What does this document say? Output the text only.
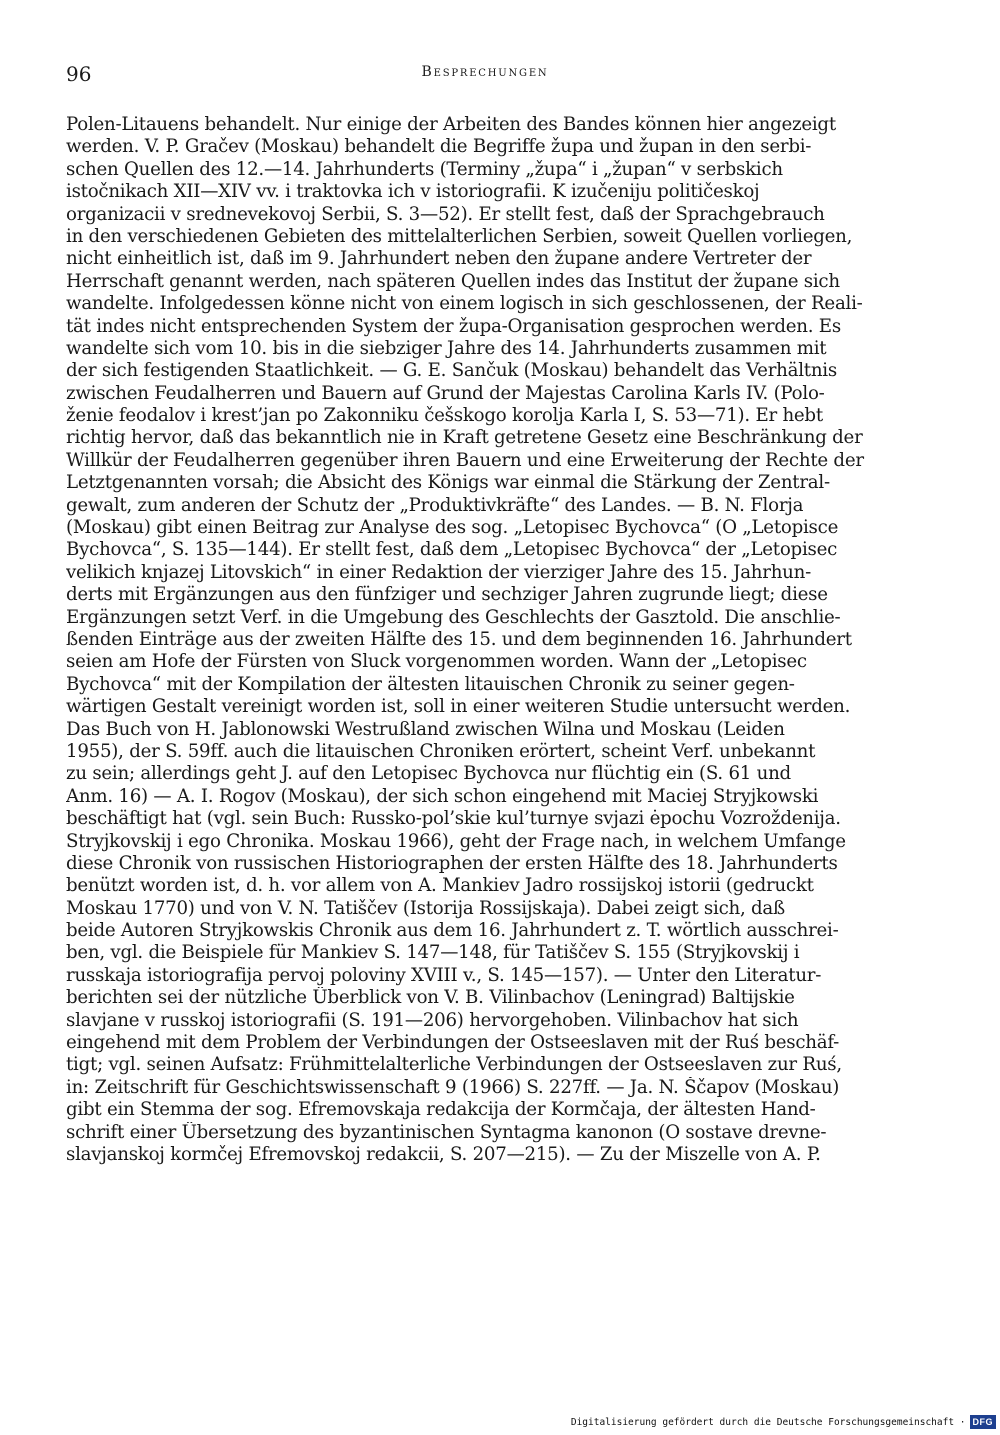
96	Besprechungen
Polen-Litauens behandelt. Nur einige der Arbeiten des Bandes können hier angezeigt
werden. V. P. Gračev (Moskau) behandelt die Begriffe župa und župan in den serbi-
schen Quellen des 12.—14. Jahrhunderts (Terminy „župa“ i „župan“ v serbskich
istočnikach XII—XIV vv. i traktovka ich v istoriografii. K izučeniju političeskoj
organizacii v srednevekovoj Serbii, S. 3—52). Er stellt fest, daß der Sprachgebrauch
in den verschiedenen Gebieten des mittelalterlichen Serbien, soweit Quellen vorliegen,
nicht einheitlich ist, daß im 9. Jahrhundert neben den župane andere Vertreter der
Herrschaft genannt werden, nach späteren Quellen indes das Institut der župane sich
wandelte. Infolgedessen könne nicht von einem logisch in sich geschlossenen, der Reali-
tät indes nicht entsprechenden System der župa-Organisation gesprochen werden. Es
wandelte sich vom 10. bis in die siebziger Jahre des 14. Jahrhunderts zusammen mit
der sich festigenden Staatlichkeit. — G. E. Sančuk (Moskau) behandelt das Verhältnis
zwischen Feudalherren und Bauern auf Grund der Majestas Carolina Karls IV. (Polo-
ženie feodalov i krest’jan po Zakonniku češskogo korolja Karla I, S. 53—71). Er hebt
richtig hervor, daß das bekanntlich nie in Kraft getretene Gesetz eine Beschränkung der
Willkür der Feudalherren gegenüber ihren Bauern und eine Erweiterung der Rechte der
Letztgenannten vorsah; die Absicht des Königs war einmal die Stärkung der Zentral-
gewalt, zum anderen der Schutz der „Produktivkräfte“ des Landes. — B. N. Florja
(Moskau) gibt einen Beitrag zur Analyse des sog. „Letopisec Bychovca“ (O „Letopisce
Bychovca“, S. 135—144). Er stellt fest, daß dem „Letopisec Bychovca“ der „Letopisec
velikich knjazej Litovskich“ in einer Redaktion der vierziger Jahre des 15. Jahrhun-
derts mit Ergänzungen aus den fünfziger und sechziger Jahren zugrunde liegt; diese
Ergänzungen setzt Verf. in die Umgebung des Geschlechts der Gasztold. Die anschlie-
ßenden Einträge aus der zweiten Hälfte des 15. und dem beginnenden 16. Jahrhundert
seien am Hofe der Fürsten von Sluck vorgenommen worden. Wann der „Letopisec
Bychovca“ mit der Kompilation der ältesten litauischen Chronik zu seiner gegen-
wärtigen Gestalt vereinigt worden ist, soll in einer weiteren Studie untersucht werden.
Das Buch von H. Jablonowski Westrußland zwischen Wilna und Moskau (Leiden
1955), der S. 59ff. auch die litauischen Chroniken erörtert, scheint Verf. unbekannt
zu sein; allerdings geht J. auf den Letopisec Bychovca nur flüchtig ein (S. 61 und
Anm. 16) — A. I. Rogov (Moskau), der sich schon eingehend mit Maciej Stryjkowski
beschäftigt hat (vgl. sein Buch: Russko-pol’skie kul’turnye svjazi ėpochu Vozroždenija.
Stryjkovskij i ego Chronika. Moskau 1966), geht der Frage nach, in welchem Umfange
diese Chronik von russischen Historiographen der ersten Hälfte des 18. Jahrhunderts
benützt worden ist, d. h. vor allem von A. Mankiev Jadro rossijskoj istorii (gedruckt
Moskau 1770) und von V. N. Tatiščev (Istorija Rossijskaja). Dabei zeigt sich, daß
beide Autoren Stryjkowskis Chronik aus dem 16. Jahrhundert z. T. wörtlich ausschrei-
ben, vgl. die Beispiele für Mankiev S. 147—148, für Tatiščev S. 155 (Stryjkovskij i
russkaja istoriografija pervoj poloviny XVIII v., S. 145—157). — Unter den Literatur-
berichten sei der nützliche Überblick von V. B. Vilinbachov (Leningrad) Baltijskie
slavjane v russkoj istoriografii (S. 191—206) hervorgehoben. Vilinbachov hat sich
eingehend mit dem Problem der Verbindungen der Ostseeslaven mit der Ruś beschäf-
tigt; vgl. seinen Aufsatz: Frühmittelalterliche Verbindungen der Ostseeslaven zur Ruś,
in: Zeitschrift für Geschichtswissenschaft 9 (1966) S. 227ff. — Ja. N. Ščapov (Moskau)
gibt ein Stemma der sog. Efremovskaja redakcija der Kormčaja, der ältesten Hand-
schrift einer Übersetzung des byzantinischen Syntagma kanonon (O sostave drevne-
slavjanskoj kormčej Efremovskoj redakcii, S. 207—215). — Zu der Miszelle von A. P.
Digitalisierung gefördert durch die Deutsche Forschungsgemeinschaft · DFG
